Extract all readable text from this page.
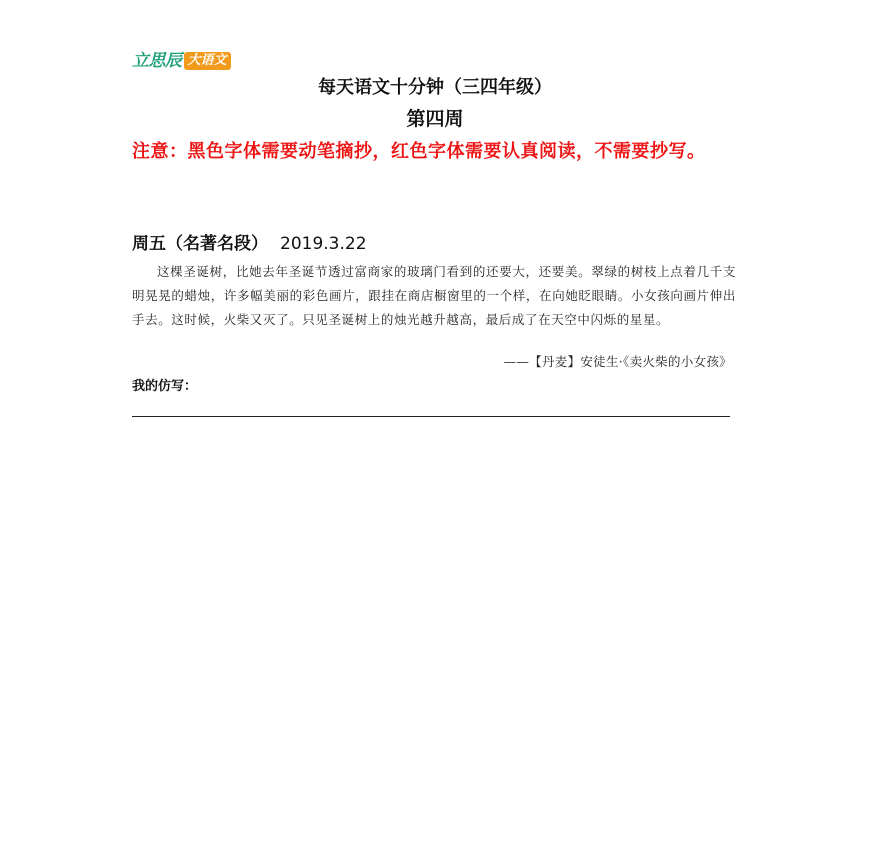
立思辰 大语文
每天语文十分钟（三四年级）
第四周
注意：黑色字体需要动笔摘抄，红色字体需要认真阅读，不需要抄写。
周五（名著名段） 2019.3.22
这棵圣诞树，比她去年圣诞节透过富商家的玻璃门看到的还要大，还要美。翠绿的树枝上点着几千支明晃晃的蜡烛，许多幅美丽的彩色画片，跟挂在商店橱窗里的一个样，在向她眨眼睛。小女孩向画片伸出手去。这时候，火柴又灭了。只见圣诞树上的烛光越升越高，最后成了在天空中闪烁的星星。
——【丹麦】安徒生·《卖火柴的小女孩》
我的仿写：
